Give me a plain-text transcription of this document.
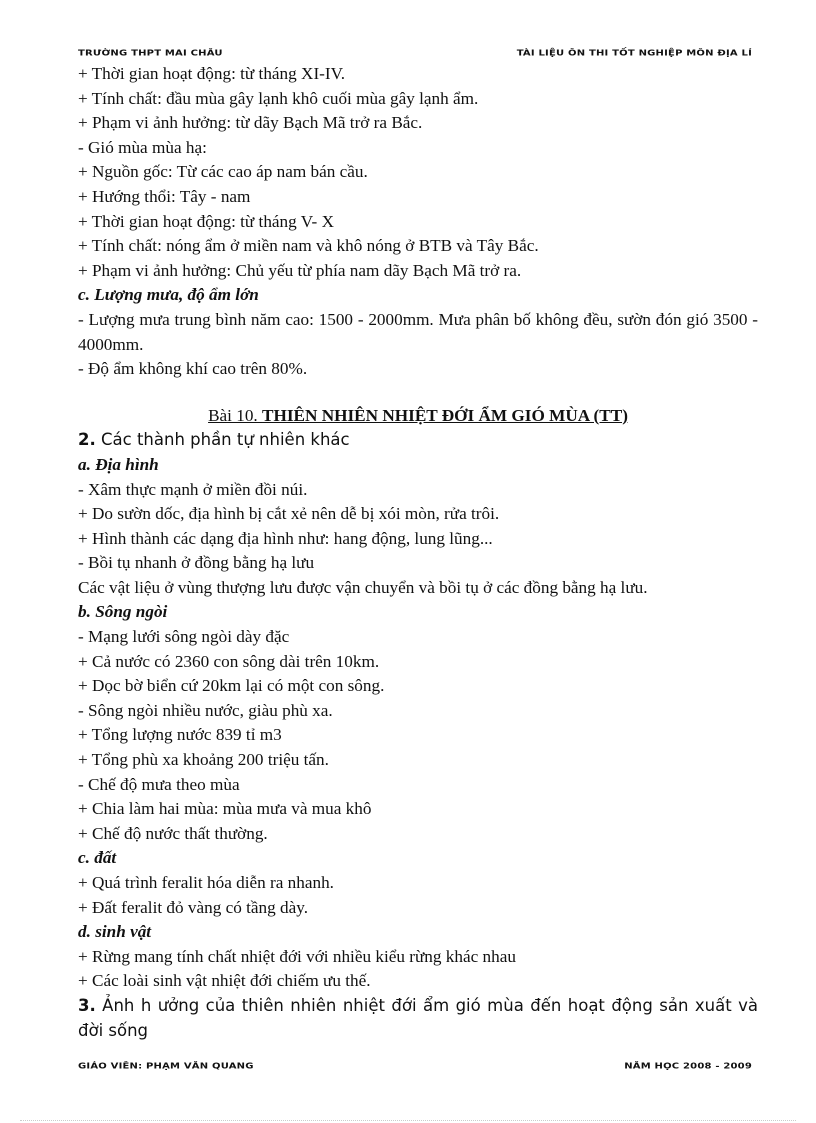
TRƯỜNG THPT MAI CHÂU	TÀI LIỆU ÔN THI TỐT NGHIỆP MÔN ĐỊA LÍ
+ Thời gian hoạt động: từ tháng XI-IV.
+ Tính chất: đầu mùa gây lạnh khô cuối mùa gây lạnh ẩm.
+ Phạm vi ảnh hưởng: từ dãy Bạch Mã trở ra Bắc.
- Gió mùa mùa hạ:
+ Nguồn gốc: Từ các cao áp nam bán cầu.
+ Hướng thổi: Tây - nam
+ Thời gian hoạt động: từ tháng V- X
+ Tính chất: nóng ẩm ở miền nam và khô nóng ở BTB và Tây Bắc.
+ Phạm vi ảnh hưởng: Chủ yếu từ phía nam dãy Bạch Mã trở ra.
c. Lượng mưa, độ ẩm lớn
- Lượng mưa trung bình năm cao: 1500 - 2000mm. Mưa phân bố không đều, sườn đón gió 3500 - 4000mm.
- Độ ẩm không khí cao trên 80%.
Bài 10. THIÊN NHIÊN NHIỆT ĐỚI ẨM GIÓ MÙA (TT)
2. Các thành phần tự nhiên khác
a. Địa hình
- Xâm thực mạnh ở miền đồi núi.
+ Do sườn dốc, địa hình bị cắt xẻ nên dễ bị xói mòn, rửa trôi.
+ Hình thành các dạng địa hình như: hang động, lung lũng...
- Bồi tụ nhanh ở đồng bằng hạ lưu
Các vật liệu ở vùng thượng lưu được vận chuyển và bồi tụ ở các đồng bằng hạ lưu.
b. Sông ngòi
- Mạng lưới sông ngòi dày đặc
+ Cả nước có 2360 con sông dài trên 10km.
+ Dọc bờ biển cứ 20km lại có một con sông.
- Sông ngòi nhiều nước, giàu phù xa.
+ Tổng lượng nước 839 tỉ m3
+ Tổng phù xa khoảng 200 triệu tấn.
- Chế độ mưa theo mùa
+ Chia làm hai mùa: mùa mưa và mua khô
+ Chế độ nước thất thường.
c. đất
+ Quá trình feralit hóa diễn ra nhanh.
+ Đất feralit đỏ vàng có tầng dày.
d. sinh vật
+ Rừng mang tính chất nhiệt đới với nhiều kiểu rừng khác nhau
+ Các loài sinh vật nhiệt đới chiếm ưu thế.
3. Ảnh h ưởng của thiên nhiên nhiệt đới ẩm gió mùa đến hoạt động sản xuất và đời sống
GIÁO VIÊN: PHẠM VĂN QUANG	NĂM HỌC 2008 - 2009
